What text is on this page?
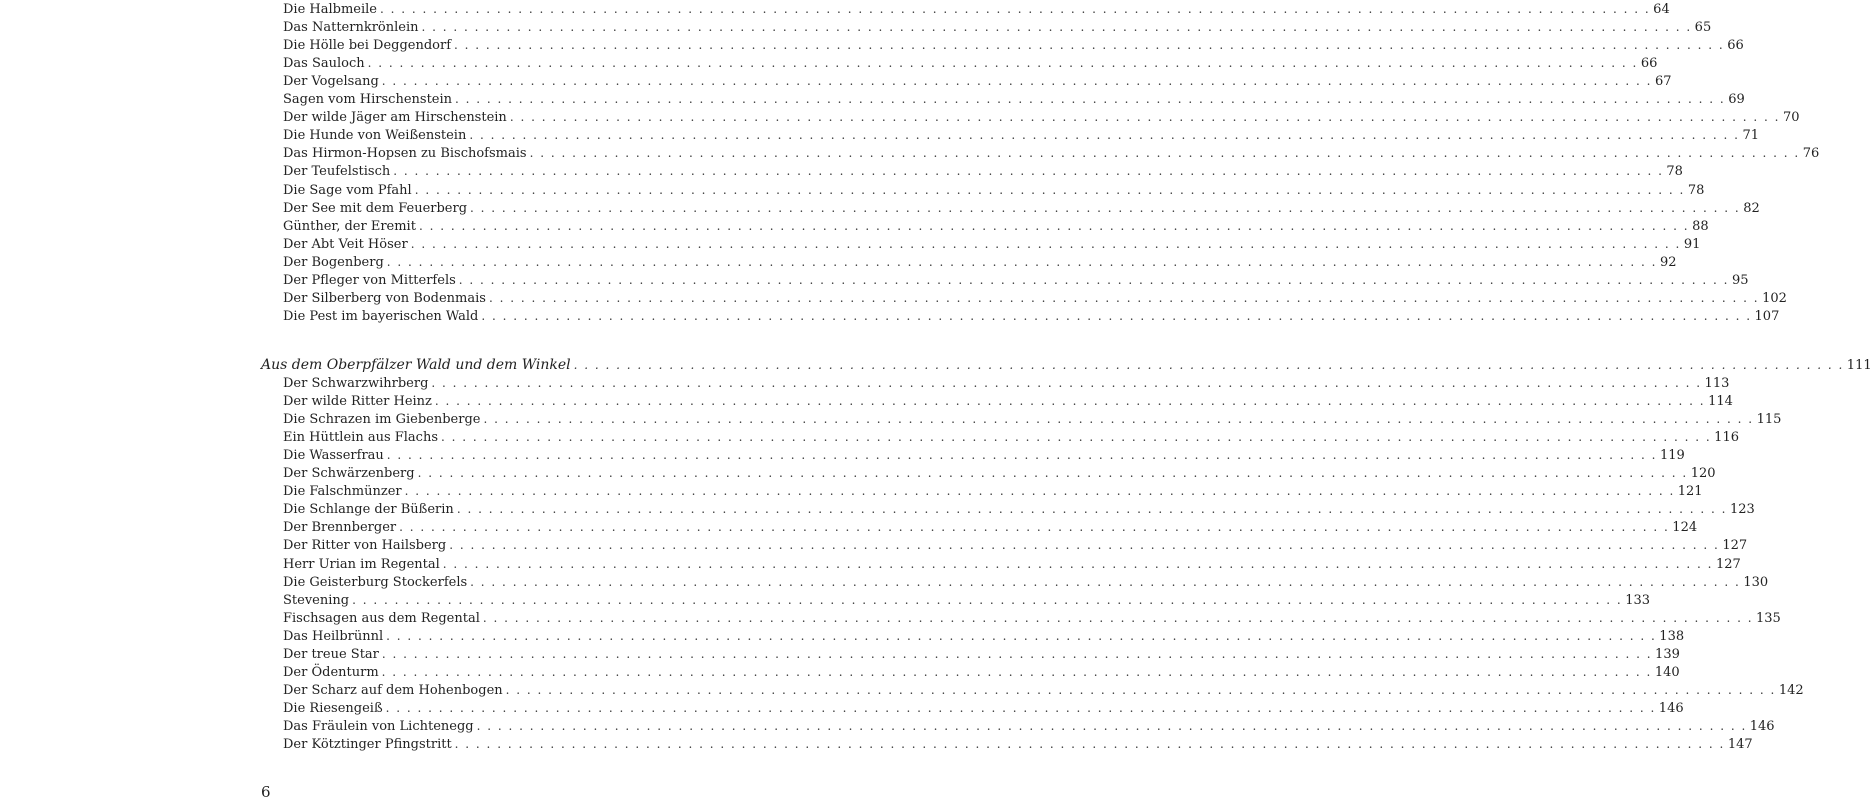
6
Die Halbmeile . . . . . . . . . . . . . . . . . . . . . . . . . . . . . . . . . . . . . . . . . . . . . . . . . . . . . . . . . . . . . . . . . . . . . . . . . . . . . . . . . . . . . . . . . . . . . . . . . . . . . . . . . . . . . . . . . . . . . . . . 64
Das Natternkrönlein . . . . . . . . . . . . . . . . . . . . . . . . . . . . . . . . . . . . . . . . . . . . . . . . . . . . . . . . . . . . . . . . . . . . . . . . . . . . . . . . . . . . . . . . . . . . . . . . . . . . . . . . . . . . . . . . . . . . . . . . 65
Die Hölle bei Deggendorf . . . . . . . . . . . . . . . . . . . . . . . . . . . . . . . . . . . . . . . . . . . . . . . . . . . . . . . . . . . . . . . . . . . . . . . . . . . . . . . . . . . . . . . . . . . . . . . . . . . . . . . . . . . . . . . . . . . . . . . . 66
Das Sauloch . . . . . . . . . . . . . . . . . . . . . . . . . . . . . . . . . . . . . . . . . . . . . . . . . . . . . . . . . . . . . . . . . . . . . . . . . . . . . . . . . . . . . . . . . . . . . . . . . . . . . . . . . . . . . . . . . . . . . . . . 66
Der Vogelsang . . . . . . . . . . . . . . . . . . . . . . . . . . . . . . . . . . . . . . . . . . . . . . . . . . . . . . . . . . . . . . . . . . . . . . . . . . . . . . . . . . . . . . . . . . . . . . . . . . . . . . . . . . . . . . . . . . . . . . . . 67
Sagen vom Hirschenstein . . . . . . . . . . . . . . . . . . . . . . . . . . . . . . . . . . . . . . . . . . . . . . . . . . . . . . . . . . . . . . . . . . . . . . . . . . . . . . . . . . . . . . . . . . . . . . . . . . . . . . . . . . . . . . . . . . . . . . . . 69
Der wilde Jäger am Hirschenstein . . . . . . . . . . . . . . . . . . . . . . . . . . . . . . . . . . . . . . . . . . . . . . . . . . . . . . . . . . . . . . . . . . . . . . . . . . . . . . . . . . . . . . . . . . . . . . . . . . . . . . . . . . . . . . . . . . . . . . . . 70
Die Hunde von Weißenstein . . . . . . . . . . . . . . . . . . . . . . . . . . . . . . . . . . . . . . . . . . . . . . . . . . . . . . . . . . . . . . . . . . . . . . . . . . . . . . . . . . . . . . . . . . . . . . . . . . . . . . . . . . . . . . . . . . . . . . . . 71
Das Hirmon-Hopsen zu Bischofsmais . . . . . . . . . . . . . . . . . . . . . . . . . . . . . . . . . . . . . . . . . . . . . . . . . . . . . . . . . . . . . . . . . . . . . . . . . . . . . . . . . . . . . . . . . . . . . . . . . . . . . . . . . . . . . . . . . . . . . . . . 76
Der Teufelstisch . . . . . . . . . . . . . . . . . . . . . . . . . . . . . . . . . . . . . . . . . . . . . . . . . . . . . . . . . . . . . . . . . . . . . . . . . . . . . . . . . . . . . . . . . . . . . . . . . . . . . . . . . . . . . . . . . . . . . . . . 78
Die Sage vom Pfahl . . . . . . . . . . . . . . . . . . . . . . . . . . . . . . . . . . . . . . . . . . . . . . . . . . . . . . . . . . . . . . . . . . . . . . . . . . . . . . . . . . . . . . . . . . . . . . . . . . . . . . . . . . . . . . . . . . . . . . . . 78
Der See mit dem Feuerberg . . . . . . . . . . . . . . . . . . . . . . . . . . . . . . . . . . . . . . . . . . . . . . . . . . . . . . . . . . . . . . . . . . . . . . . . . . . . . . . . . . . . . . . . . . . . . . . . . . . . . . . . . . . . . . . . . . . . . . . . 82
Günther, der Eremit . . . . . . . . . . . . . . . . . . . . . . . . . . . . . . . . . . . . . . . . . . . . . . . . . . . . . . . . . . . . . . . . . . . . . . . . . . . . . . . . . . . . . . . . . . . . . . . . . . . . . . . . . . . . . . . . . . . . . . . . 88
Der Abt Veit Höser . . . . . . . . . . . . . . . . . . . . . . . . . . . . . . . . . . . . . . . . . . . . . . . . . . . . . . . . . . . . . . . . . . . . . . . . . . . . . . . . . . . . . . . . . . . . . . . . . . . . . . . . . . . . . . . . . . . . . . . . 91
Der Bogenberg . . . . . . . . . . . . . . . . . . . . . . . . . . . . . . . . . . . . . . . . . . . . . . . . . . . . . . . . . . . . . . . . . . . . . . . . . . . . . . . . . . . . . . . . . . . . . . . . . . . . . . . . . . . . . . . . . . . . . . . . 92
Der Pfleger von Mitterfels . . . . . . . . . . . . . . . . . . . . . . . . . . . . . . . . . . . . . . . . . . . . . . . . . . . . . . . . . . . . . . . . . . . . . . . . . . . . . . . . . . . . . . . . . . . . . . . . . . . . . . . . . . . . . . . . . . . . . . . . 95
Der Silberberg von Bodenmais . . . . . . . . . . . . . . . . . . . . . . . . . . . . . . . . . . . . . . . . . . . . . . . . . . . . . . . . . . . . . . . . . . . . . . . . . . . . . . . . . . . . . . . . . . . . . . . . . . . . . . . . . . . . . . . . . . . . . . . . 102
Die Pest im bayerischen Wald . . . . . . . . . . . . . . . . . . . . . . . . . . . . . . . . . . . . . . . . . . . . . . . . . . . . . . . . . . . . . . . . . . . . . . . . . . . . . . . . . . . . . . . . . . . . . . . . . . . . . . . . . . . . . . . . . . . . . . . . 107
Aus dem Oberpfälzer Wald und dem Winkel . . . . . . . . . . . . . . . . . . . . . . . . . . . . . . . . . . . . . . . . . . . . . . . . . . . . . . . . . . . . . . . . . . . . . . . . . . . . . . . . . . . . . . . . . . . . . . . . . . . . . . . . . . . . . . . . . . . . . . . . 111
Der Schwarzwihrberg . . . . . . . . . . . . . . . . . . . . . . . . . . . . . . . . . . . . . . . . . . . . . . . . . . . . . . . . . . . . . . . . . . . . . . . . . . . . . . . . . . . . . . . . . . . . . . . . . . . . . . . . . . . . . . . . . . . . . . . . 113
Der wilde Ritter Heinz . . . . . . . . . . . . . . . . . . . . . . . . . . . . . . . . . . . . . . . . . . . . . . . . . . . . . . . . . . . . . . . . . . . . . . . . . . . . . . . . . . . . . . . . . . . . . . . . . . . . . . . . . . . . . . . . . . . . . . . . 114
Die Schrazen im Giebenberge . . . . . . . . . . . . . . . . . . . . . . . . . . . . . . . . . . . . . . . . . . . . . . . . . . . . . . . . . . . . . . . . . . . . . . . . . . . . . . . . . . . . . . . . . . . . . . . . . . . . . . . . . . . . . . . . . . . . . . . . 115
Ein Hüttlein aus Flachs . . . . . . . . . . . . . . . . . . . . . . . . . . . . . . . . . . . . . . . . . . . . . . . . . . . . . . . . . . . . . . . . . . . . . . . . . . . . . . . . . . . . . . . . . . . . . . . . . . . . . . . . . . . . . . . . . . . . . . . . 116
Die Wasserfrau . . . . . . . . . . . . . . . . . . . . . . . . . . . . . . . . . . . . . . . . . . . . . . . . . . . . . . . . . . . . . . . . . . . . . . . . . . . . . . . . . . . . . . . . . . . . . . . . . . . . . . . . . . . . . . . . . . . . . . . . 119
Der Schwärzenberg . . . . . . . . . . . . . . . . . . . . . . . . . . . . . . . . . . . . . . . . . . . . . . . . . . . . . . . . . . . . . . . . . . . . . . . . . . . . . . . . . . . . . . . . . . . . . . . . . . . . . . . . . . . . . . . . . . . . . . . . 120
Die Falschmünzer . . . . . . . . . . . . . . . . . . . . . . . . . . . . . . . . . . . . . . . . . . . . . . . . . . . . . . . . . . . . . . . . . . . . . . . . . . . . . . . . . . . . . . . . . . . . . . . . . . . . . . . . . . . . . . . . . . . . . . . . 121
Die Schlange der Büßerin . . . . . . . . . . . . . . . . . . . . . . . . . . . . . . . . . . . . . . . . . . . . . . . . . . . . . . . . . . . . . . . . . . . . . . . . . . . . . . . . . . . . . . . . . . . . . . . . . . . . . . . . . . . . . . . . . . . . . . . . 123
Der Brennberger . . . . . . . . . . . . . . . . . . . . . . . . . . . . . . . . . . . . . . . . . . . . . . . . . . . . . . . . . . . . . . . . . . . . . . . . . . . . . . . . . . . . . . . . . . . . . . . . . . . . . . . . . . . . . . . . . . . . . . . . 124
Der Ritter von Hailsberg . . . . . . . . . . . . . . . . . . . . . . . . . . . . . . . . . . . . . . . . . . . . . . . . . . . . . . . . . . . . . . . . . . . . . . . . . . . . . . . . . . . . . . . . . . . . . . . . . . . . . . . . . . . . . . . . . . . . . . . . 127
Herr Urian im Regental . . . . . . . . . . . . . . . . . . . . . . . . . . . . . . . . . . . . . . . . . . . . . . . . . . . . . . . . . . . . . . . . . . . . . . . . . . . . . . . . . . . . . . . . . . . . . . . . . . . . . . . . . . . . . . . . . . . . . . . . 127
Die Geisterburg Stockerfels . . . . . . . . . . . . . . . . . . . . . . . . . . . . . . . . . . . . . . . . . . . . . . . . . . . . . . . . . . . . . . . . . . . . . . . . . . . . . . . . . . . . . . . . . . . . . . . . . . . . . . . . . . . . . . . . . . . . . . . . 130
Stevening . . . . . . . . . . . . . . . . . . . . . . . . . . . . . . . . . . . . . . . . . . . . . . . . . . . . . . . . . . . . . . . . . . . . . . . . . . . . . . . . . . . . . . . . . . . . . . . . . . . . . . . . . . . . . . . . . . . . . . . . 133
Fischsagen aus dem Regental . . . . . . . . . . . . . . . . . . . . . . . . . . . . . . . . . . . . . . . . . . . . . . . . . . . . . . . . . . . . . . . . . . . . . . . . . . . . . . . . . . . . . . . . . . . . . . . . . . . . . . . . . . . . . . . . . . . . . . . . 135
Das Heilbrünnl . . . . . . . . . . . . . . . . . . . . . . . . . . . . . . . . . . . . . . . . . . . . . . . . . . . . . . . . . . . . . . . . . . . . . . . . . . . . . . . . . . . . . . . . . . . . . . . . . . . . . . . . . . . . . . . . . . . . . . . . 138
Der treue Star . . . . . . . . . . . . . . . . . . . . . . . . . . . . . . . . . . . . . . . . . . . . . . . . . . . . . . . . . . . . . . . . . . . . . . . . . . . . . . . . . . . . . . . . . . . . . . . . . . . . . . . . . . . . . . . . . . . . . . . . 139
Der Ödenturm . . . . . . . . . . . . . . . . . . . . . . . . . . . . . . . . . . . . . . . . . . . . . . . . . . . . . . . . . . . . . . . . . . . . . . . . . . . . . . . . . . . . . . . . . . . . . . . . . . . . . . . . . . . . . . . . . . . . . . . . 140
Der Scharz auf dem Hohenbogen . . . . . . . . . . . . . . . . . . . . . . . . . . . . . . . . . . . . . . . . . . . . . . . . . . . . . . . . . . . . . . . . . . . . . . . . . . . . . . . . . . . . . . . . . . . . . . . . . . . . . . . . . . . . . . . . . . . . . . . . 142
Die Riesengeiß . . . . . . . . . . . . . . . . . . . . . . . . . . . . . . . . . . . . . . . . . . . . . . . . . . . . . . . . . . . . . . . . . . . . . . . . . . . . . . . . . . . . . . . . . . . . . . . . . . . . . . . . . . . . . . . . . . . . . . . . 146
Das Fräulein von Lichtenegg . . . . . . . . . . . . . . . . . . . . . . . . . . . . . . . . . . . . . . . . . . . . . . . . . . . . . . . . . . . . . . . . . . . . . . . . . . . . . . . . . . . . . . . . . . . . . . . . . . . . . . . . . . . . . . . . . . . . . . . . 146
Der Kötztinger Pfingstritt . . . . . . . . . . . . . . . . . . . . . . . . . . . . . . . . . . . . . . . . . . . . . . . . . . . . . . . . . . . . . . . . . . . . . . . . . . . . . . . . . . . . . . . . . . . . . . . . . . . . . . . . . . . . . . . . . . . . . . . . 147
